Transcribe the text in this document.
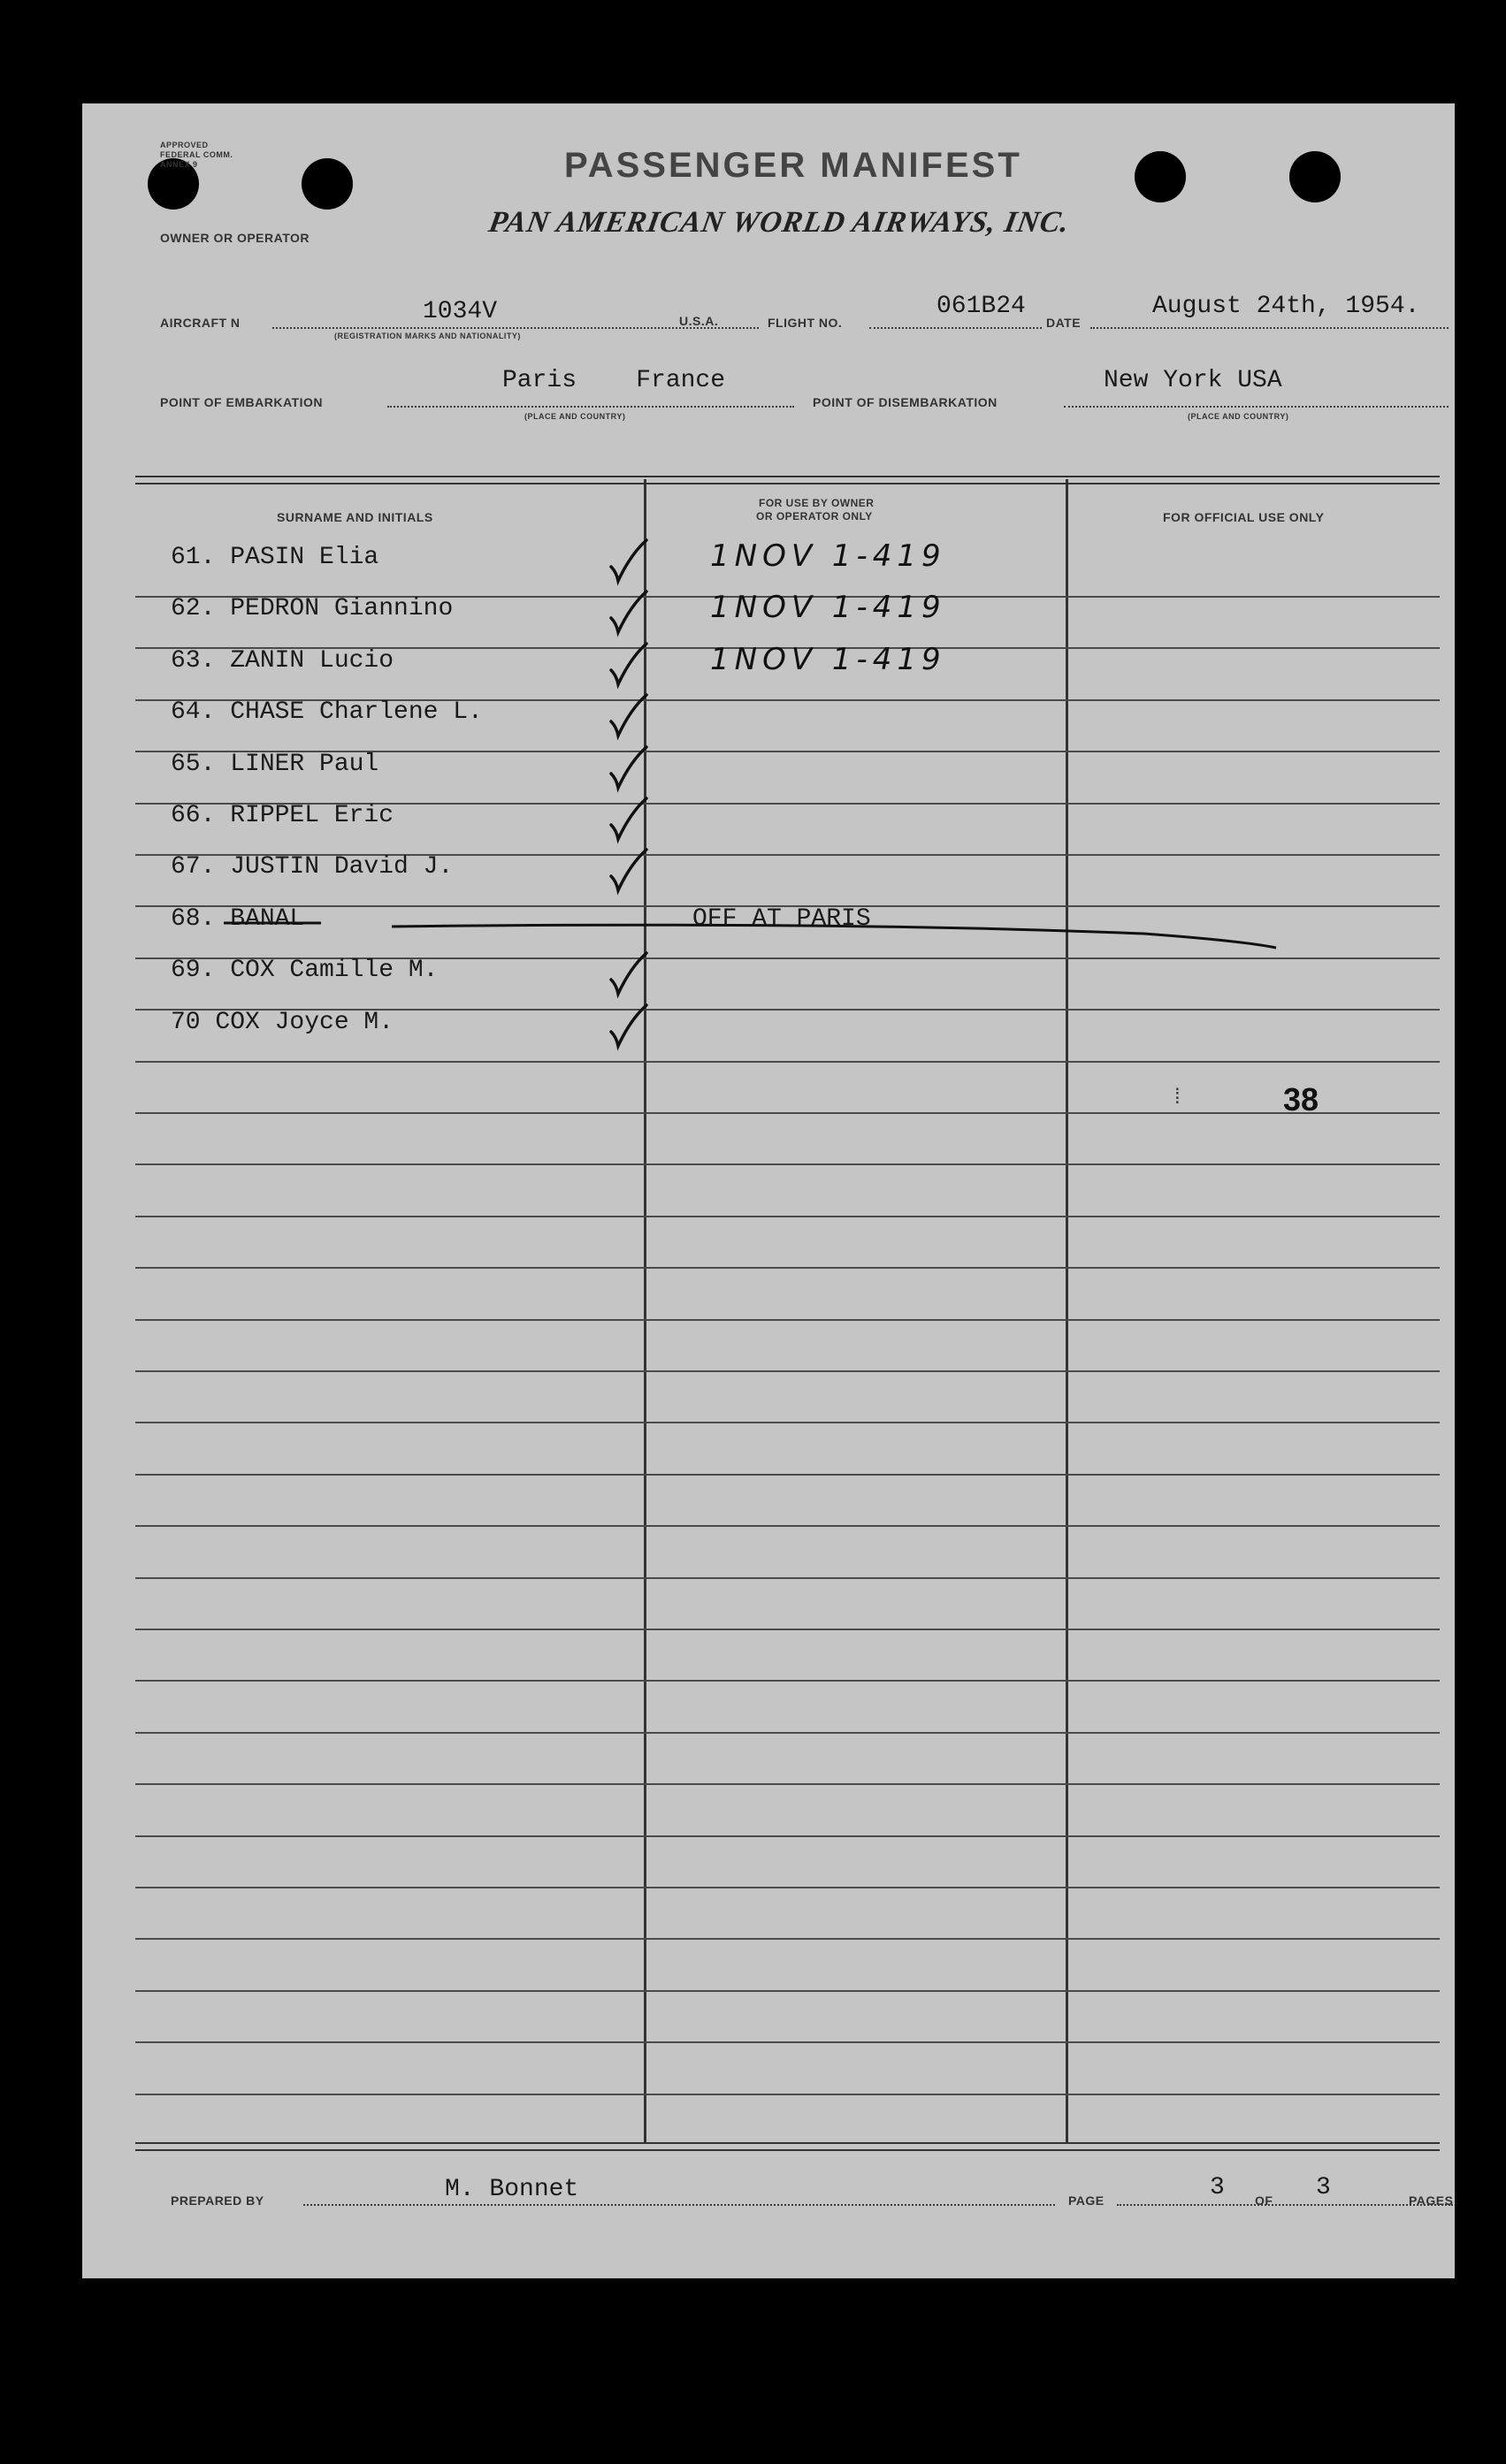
APPROVED
FEDERAL COMM.
ANNEX 9	PASSENGER MANIFEST
PAN AMERICAN WORLD AIRWAYS, INC.
OWNER OR OPERATOR
AIRCRAFT N	1034V
(REGISTRATION MARKS AND NATIONALITY)
U.S.A.	FLIGHT NO.
061B24
DATE
August 24th, 1954.
POINT OF EMBARKATION
Paris    France
(PLACE AND COUNTRY)
POINT OF DISEMBARKATION
New York USA
(PLACE AND COUNTRY)
SURNAME AND INITIALS
FOR USE BY OWNER
OR OPERATOR ONLY	FOR OFFICIAL USE ONLY
61. PASIN Elia	1NOV 1-419
62. PEDRON Giannino	1NOV 1-419
63. ZANIN Lucio	1NOV 1-419
64. CHASE Charlene L.
65. LINER Paul
66. RIPPEL Eric
67. JUSTIN David J.
68. BANAL	OFF AT PARIS
69. COX Camille M.
70 COX Joyce M.
⁞	38
PREPARED BY	M. Bonnet	PAGE	3 OF 3	PAGES
